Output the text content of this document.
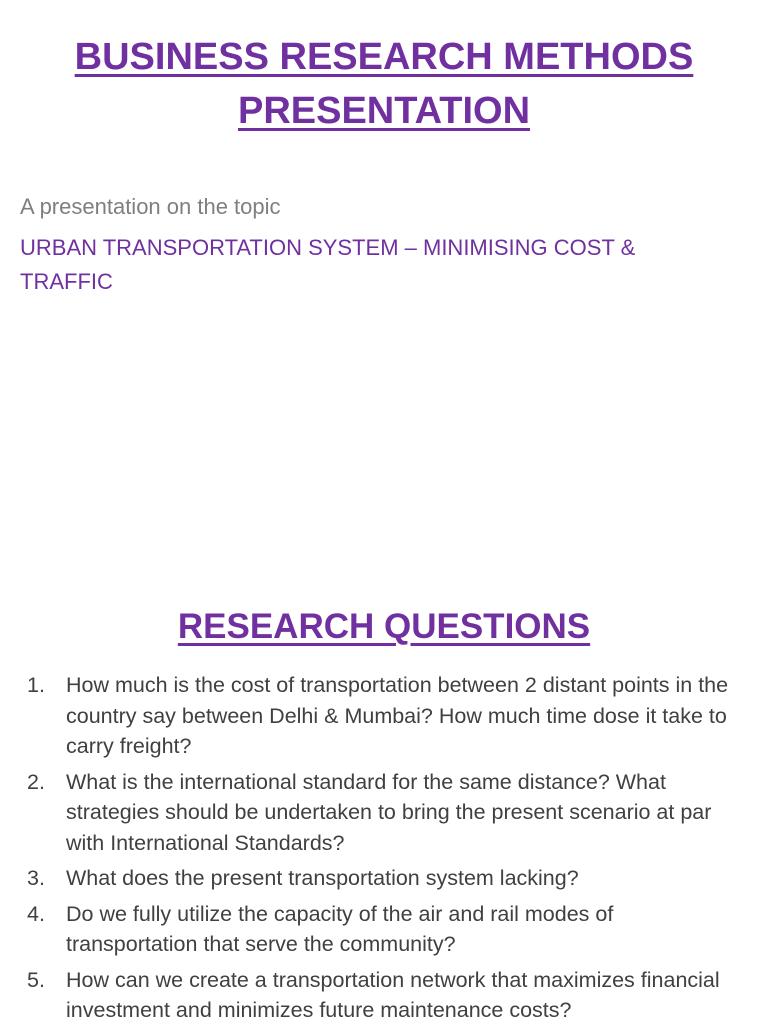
BUSINESS RESEARCH METHODS
PRESENTATION
A presentation on the topic
URBAN TRANSPORTATION SYSTEM – MINIMISING COST &
TRAFFIC
RESEARCH QUESTIONS
1. How much is the cost of transportation between 2 distant points in the country say between Delhi & Mumbai? How much time dose it take to carry freight?
2. What is the international standard for the same distance? What strategies should be undertaken to bring the present scenario at par with International Standards?
3. What does the present transportation system lacking?
4. Do we fully utilize the capacity of the air and rail modes of transportation that serve the community?
5. How can we create a transportation network that maximizes financial investment and minimizes future maintenance costs?
